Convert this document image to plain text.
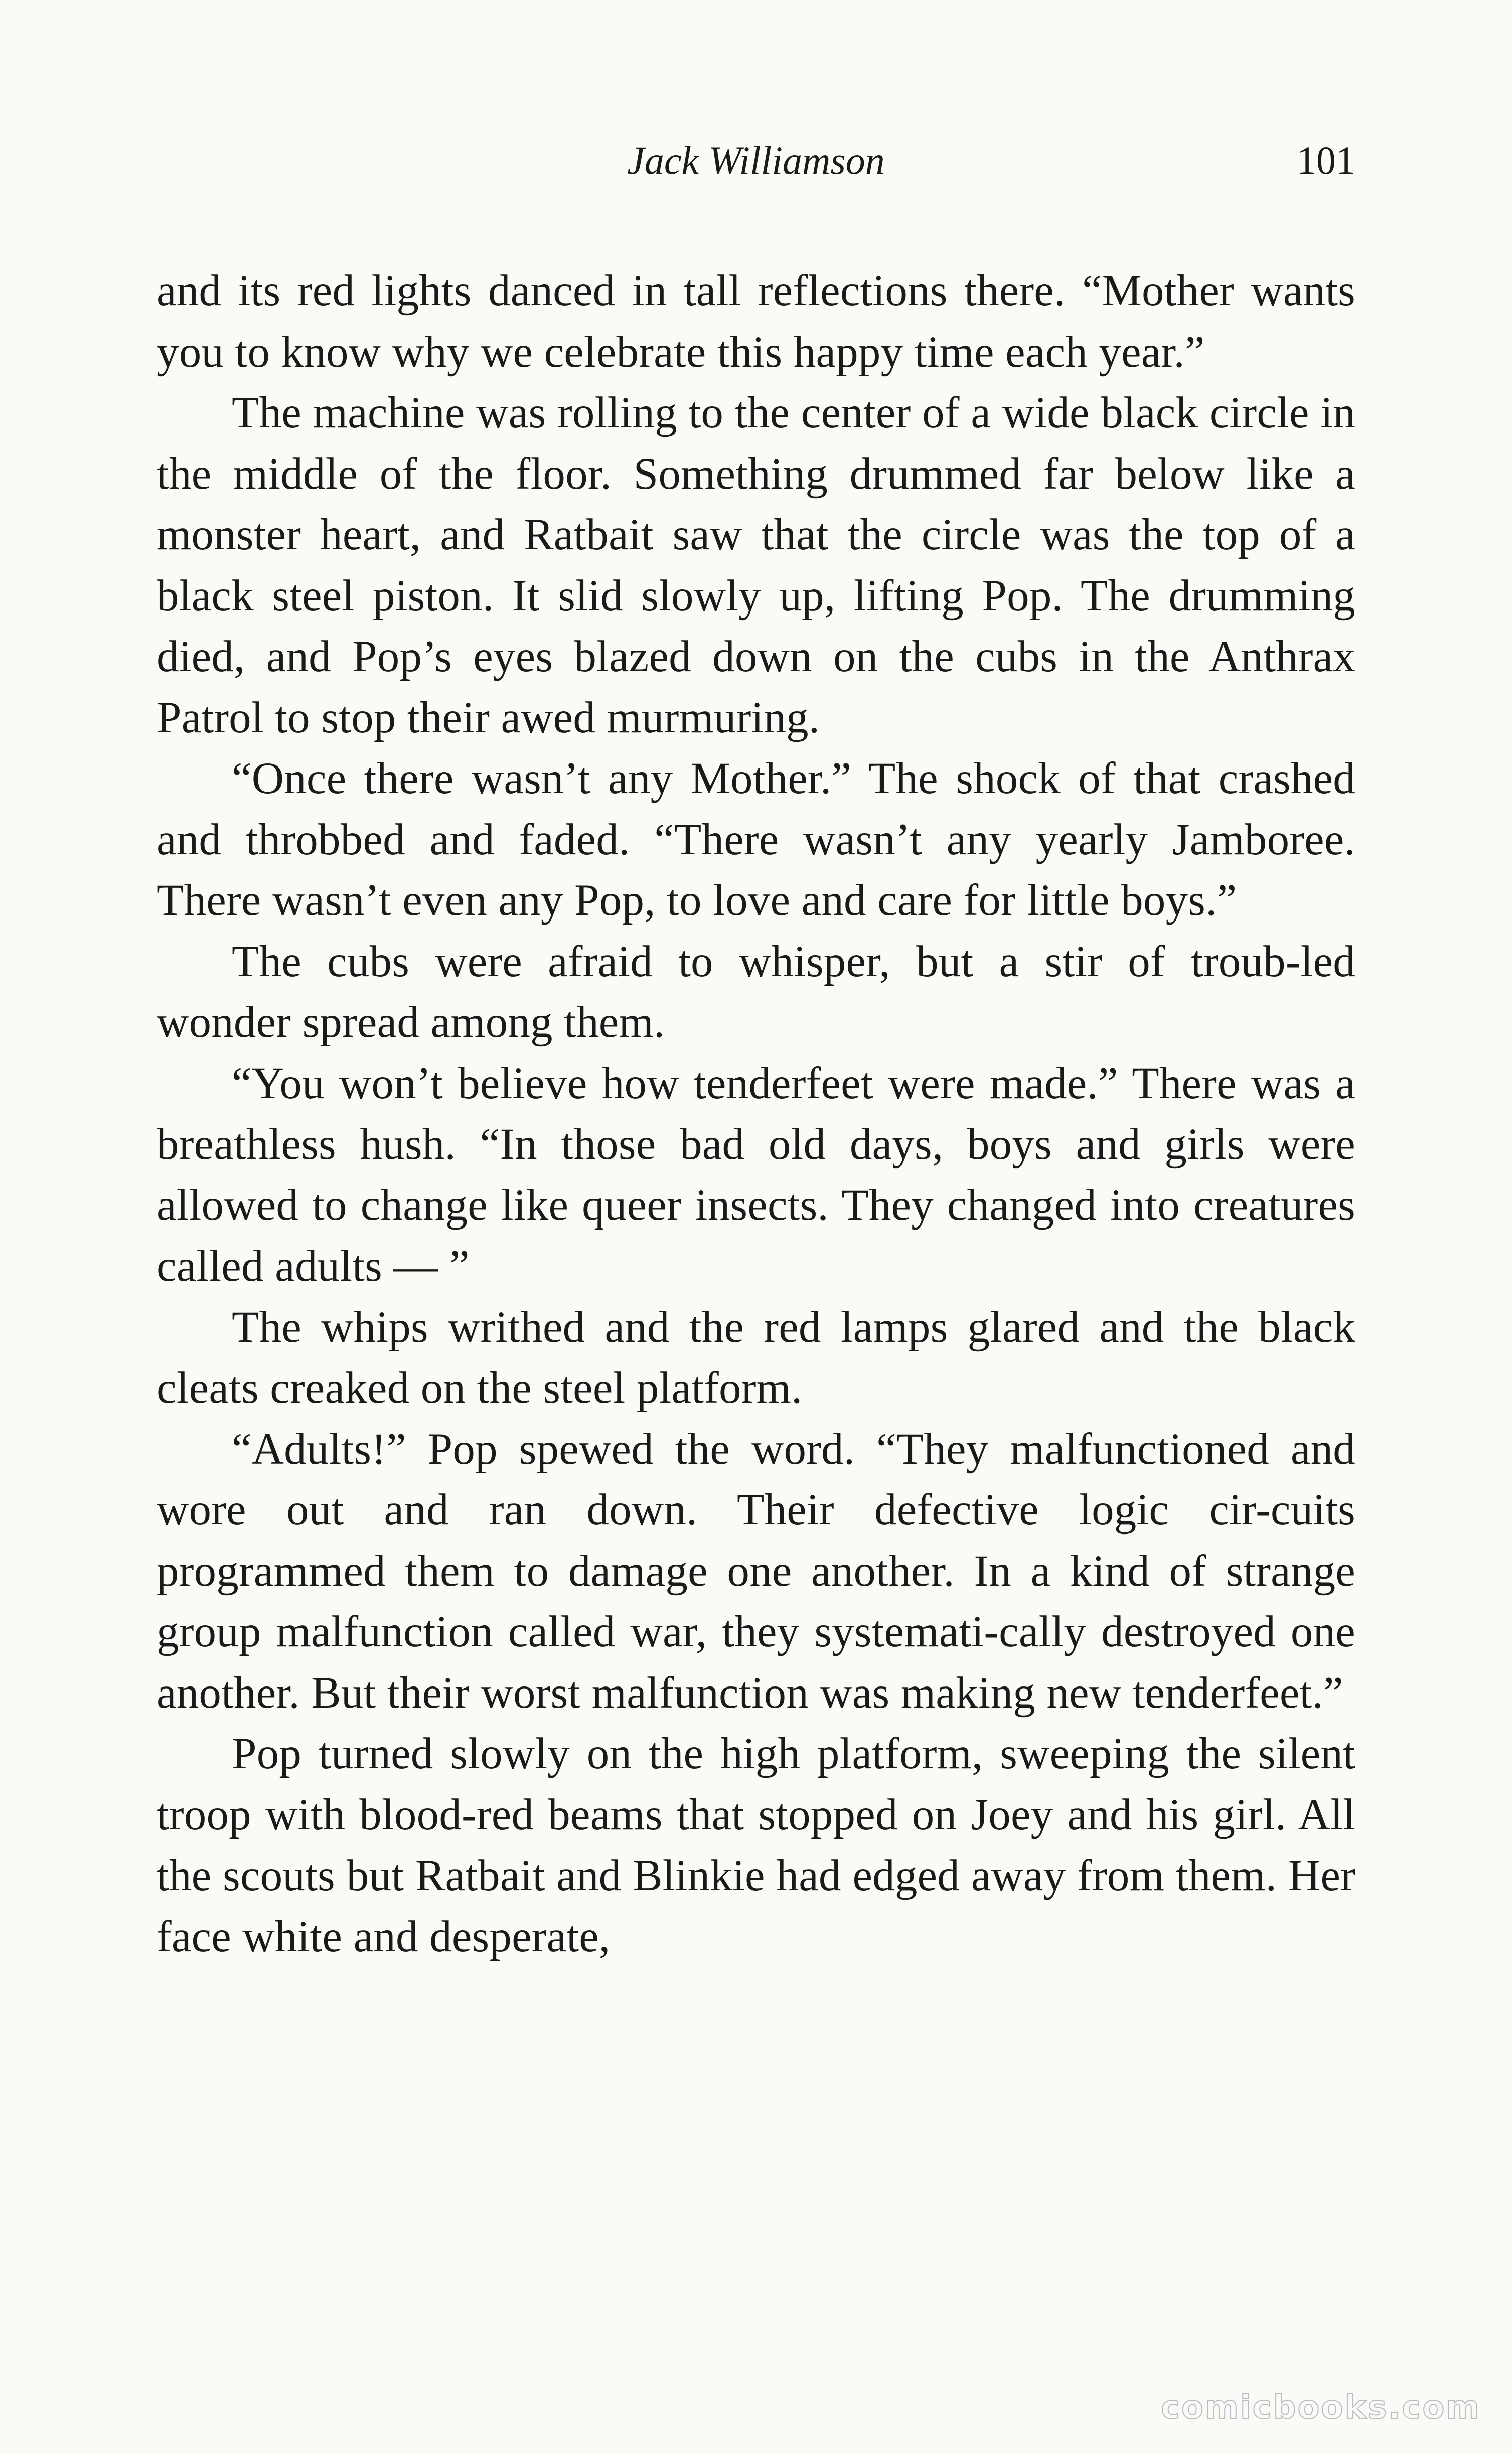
Jack Williamson	101

and its red lights danced in tall reflections there. “Mother wants you to know why we celebrate this happy time each year.”

The machine was rolling to the center of a wide black circle in the middle of the floor. Something drummed far below like a monster heart, and Ratbait saw that the circle was the top of a black steel piston. It slid slowly up, lifting Pop. The drumming died, and Pop’s eyes blazed down on the cubs in the Anthrax Patrol to stop their awed murmuring.

“Once there wasn’t any Mother.” The shock of that crashed and throbbed and faded. “There wasn’t any yearly Jamboree. There wasn’t even any Pop, to love and care for little boys.”

The cubs were afraid to whisper, but a stir of troub-led wonder spread among them.

“You won’t believe how tenderfeet were made.” There was a breathless hush. “In those bad old days, boys and girls were allowed to change like queer insects. They changed into creatures called adults — ”

The whips writhed and the red lamps glared and the black cleats creaked on the steel platform.

“Adults!” Pop spewed the word. “They malfunctioned and wore out and ran down. Their defective logic cir-cuits programmed them to damage one another. In a kind of strange group malfunction called war, they systemati-cally destroyed one another. But their worst malfunction was making new tenderfeet.”

Pop turned slowly on the high platform, sweeping the silent troop with blood-red beams that stopped on Joey and his girl. All the scouts but Ratbait and Blinkie had edged away from them. Her face white and desperate,

comicbooks.com
